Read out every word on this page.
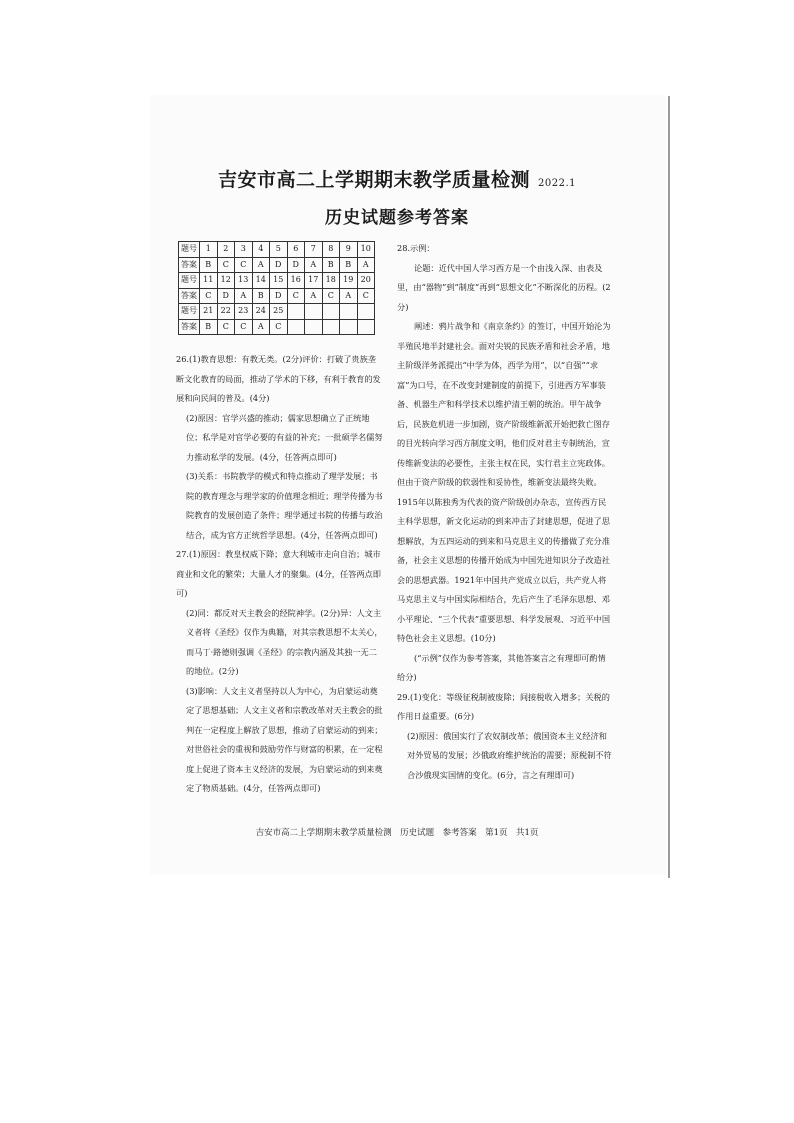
吉安市高二上学期期末教学质量检测 2022.1
历史试题参考答案
题号	1	2	3	4	5	6	7	8	9	10
答案	B	C	C	A	D	D	A	B	B	A
题号	11	12	13	14	15	16	17	18	19	20
答案	C	D	A	B	D	C	A	C	A	C
题号	21	22	23	24	25					
答案	B	C	C	A	C					

26.(1)教育思想：有教无类。(2分)评价：打破了贵族垄断文化教育的局面，推动了学术的下移，有利于教育的发展和向民间的普及。(4分)

(2)原因：官学兴盛的推动；儒家思想确立了正统地位；私学是对官学必要的有益的补充；一批硕学名儒努力推动私学的发展。(4分，任答两点即可)

(3)关系：书院教学的模式和特点推动了理学发展；书院的教育理念与理学家的价值理念相近；理学传播为书院教育的发展创造了条件；理学通过书院的传播与政治结合，成为官方正统哲学思想。(4分，任答两点即可)

27.(1)原因：教皇权威下降；意大利城市走向自治；城市商业和文化的繁荣；大量人才的聚集。(4分，任答两点即可)

(2)同：都反对天主教会的经院神学。(2分)异：人文主义者将《圣经》仅作为典籍，对其宗教思想不太关心，而马丁·路德则强调《圣经》的宗教内涵及其独一无二的地位。(2分)

(3)影响：人文主义者坚持以人为中心，为启蒙运动奠定了思想基础；人文主义者和宗教改革对天主教会的批判在一定程度上解放了思想，推动了启蒙运动的到来；对世俗社会的重视和鼓励劳作与财富的积累，在一定程度上促进了资本主义经济的发展，为启蒙运动的到来奠定了物质基础。(4分，任答两点即可)

28.示例：

论题：近代中国人学习西方是一个由浅入深、由表及里，由“器物”到“制度”再到“思想文化”不断深化的历程。(2分)

阐述：鸦片战争和《南京条约》的签订，中国开始沦为半殖民地半封建社会。面对尖锐的民族矛盾和社会矛盾，地主阶级洋务派提出“中学为体，西学为用”，以“自强”“求富”为口号，在不改变封建制度的前提下，引进西方军事装备、机器生产和科学技术以维护清王朝的统治。甲午战争后，民族危机进一步加剧，资产阶级维新派开始把救亡图存的目光转向学习西方制度文明，他们反对君主专制统治，宣传维新变法的必要性，主张主权在民，实行君主立宪政体。但由于资产阶级的软弱性和妥协性，维新变法最终失败。1915年以陈独秀为代表的资产阶级创办杂志，宣传西方民主科学思想，新文化运动的到来冲击了封建思想，促进了思想解放，为五四运动的到来和马克思主义的传播做了充分准备，社会主义思想的传播开始成为中国先进知识分子改造社会的思想武器。1921年中国共产党成立以后，共产党人将马克思主义与中国实际相结合，先后产生了毛泽东思想、邓小平理论、“三个代表”重要思想、科学发展观、习近平中国特色社会主义思想。(10分)

(“示例”仅作为参考答案，其他答案言之有理即可酌情给分)

29.(1)变化：等级征税制被废除；间接税收入增多；关税的作用日益重要。(6分)

(2)原因：俄国实行了农奴制改革；俄国资本主义经济和对外贸易的发展；沙俄政府维护统治的需要；原税制不符合沙俄现实国情的变化。(6分，言之有理即可)

吉安市高二上学期期末教学质量检测　历史试题　参考答案　第1页　共1页
